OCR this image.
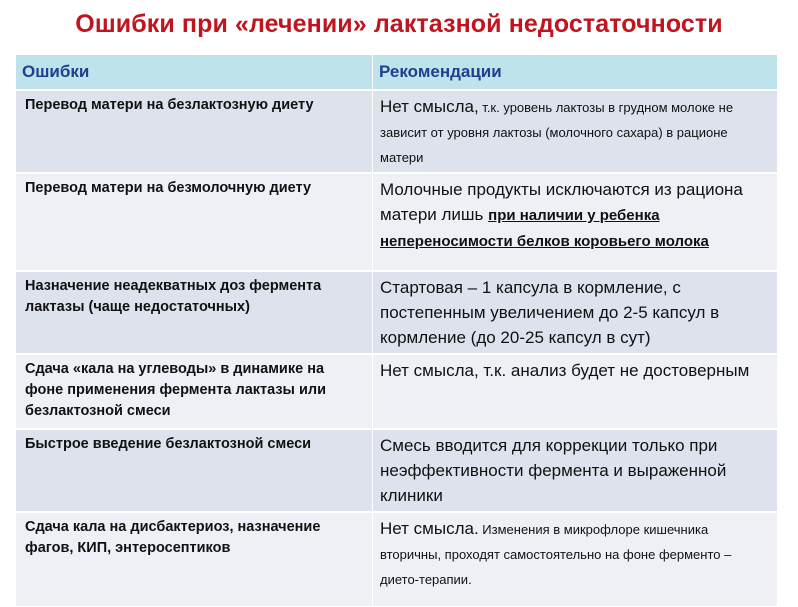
Ошибки при «лечении» лактазной недостаточности
Ошибки	Рекомендации
Перевод матери на безлактозную диету	Нет смысла, т.к. уровень лактозы в грудном молоке не зависит от уровня лактозы (молочного сахара) в рационе матери
Перевод матери на безмолочную диету	Молочные продукты исключаются из рациона матери лишь при наличии у ребенка непереносимости белков коровьего молока
Назначение неадекватных доз фермента лактазы (чаще недостаточных)	Стартовая – 1 капсула в кормление, с постепенным увеличением до 2-5 капсул в кормление (до 20-25 капсул в сут)
Сдача «кала на углеводы» в динамике на фоне применения фермента лактазы или безлактозной смеси	Нет смысла, т.к. анализ будет не достоверным
Быстрое введение безлактозной смеси	Смесь вводится для коррекции только при неэффективности фермента и выраженной клиники
Сдача кала на дисбактериоз, назначение фагов, КИП, энтеросептиков	Нет смысла. Изменения в микрофлоре кишечника вторичны, проходят самостоятельно на фоне ферменто – дието-терапии.
